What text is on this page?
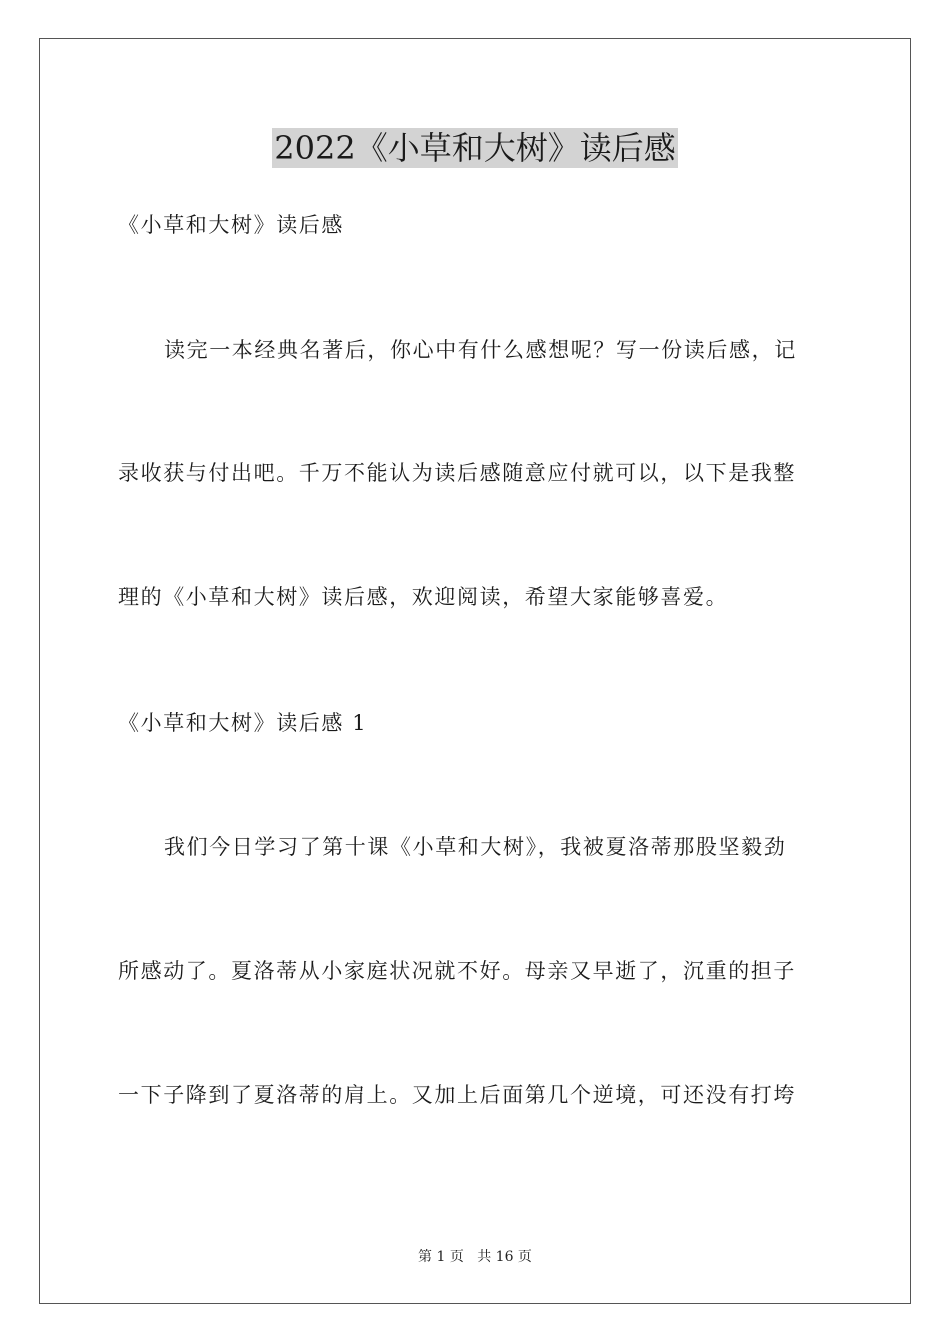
2022《小草和大树》读后感
《小草和大树》读后感
读完一本经典名著后，你心中有什么感想呢？写一份读后感，记
录收获与付出吧。千万不能认为读后感随意应付就可以，以下是我整
理的《小草和大树》读后感，欢迎阅读，希望大家能够喜爱。
《小草和大树》读后感 1
我们今日学习了第十课《小草和大树》，我被夏洛蒂那股坚毅劲
所感动了。夏洛蒂从小家庭状况就不好。母亲又早逝了，沉重的担子
一下子降到了夏洛蒂的肩上。又加上后面第几个逆境，可还没有打垮
第 1 页 共 16 页
